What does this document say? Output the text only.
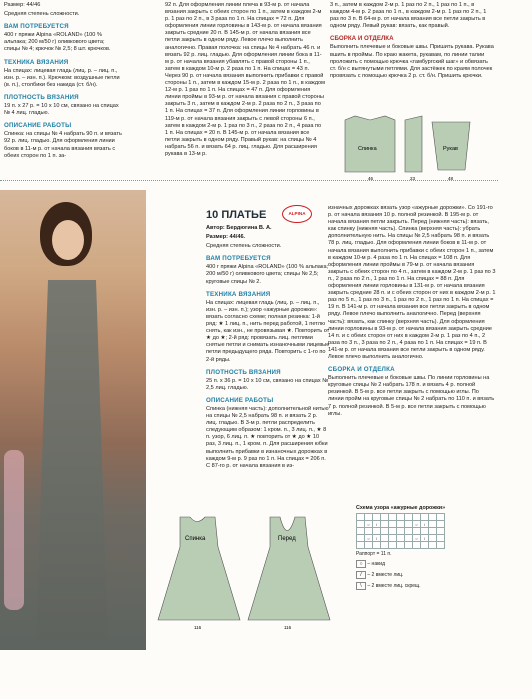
Размер: 44/46

Средняя степень сложности.

ВАМ ПОТРЕБУЕТСЯ

400 г пряжи Alpina «ROLAND» (100 % альпака; 200 м/50 г) оливкового цвета; спицы № 4; крючок № 2,5; 8 шт. крючков.

ТЕХНИКА ВЯЗАНИЯ

На спицах: лицевая гладь (лиц. р. – лиц. п., изн. р. – изн. п.). Крючком: воздушные петли (в. п.), столбики без накида (ст. б/н).

ПЛОТНОСТЬ ВЯЗАНИЯ

19 п. х 27 р. = 10 х 10 см, связано на спицах № 4 лиц. гладью.

ОПИСАНИЕ РАБОТЫ

Спинка: на спицы № 4 набрать 90 п. и вязать 92 р. лиц. гладью. Для оформления линии боков в 11-м р. от начала вязания вязать с обеих сторон по 1 п. за-

92 п. Для оформления линии плеча в 93-м р. от начала вязания закрыть с обеих сторон по 1 п., затем в каждом 2-м р. 1 раз по 2 п., в 3 раза по 1 п. На спицах = 72 п. Для оформления линии горловины в 143-м р. от начала вязания закрыть средние 20 п. В 145-м р. от начала вязания все петли закрыть в одном ряду. Левое плечо выполнить аналогично. Правая полочка: на спицы № 4 набрать 46 п. и вязать 92 р. лиц. гладью. Для оформления линии бока в 11-м р. от начала вязания убавлять с правой стороны 1 п., затем в каждом 10-м р. 2 раза по 1 п. На спицах = 43 п. Через 90 р. от начала вязания выполнить прибавки с правой стороны 1 п., затем в каждом 15-м р. 2 раза по 1 п., в каждом 12-м р. 1 раз по 1 п. На спицах = 47 п. Для оформления линии проймы в 93-м р. от начала вязания с правой стороны закрыть 3 п., затем в каждом 2-м р. 2 раза по 2 п., 3 раза по 1 п. На спицах = 37 п. Для оформления линии горловины в 119-м р. от начала вязания закрыть с левой стороны 6 п., затем в каждом 2-м р. 1 раз по 3 п., 2 раза по 2 п., 4 раза по 1 п. На спицах = 20 п. В 145-м р. от начала вязания все петли закрыть в одном ряду. Правый рукав: на спицы № 4 набрать 56 п. и вязать 64 р. лиц. гладью. Для расширения рукава в 13-м р.

3 п., затем в каждом 2-м р. 1 раз по 2 п., 1 раз по 1 п., в каждом 4-м р. 2 раза по 1 п., в каждом 2-м р. 1 раз по 2 п., 1 раз по 3 п. В 64-м р. от начала вязания все петли закрыть в одном ряду. Левый рукав: вязать, как правый.

СБОРКА И ОТДЕЛКА

Выполнить плечевые и боковые швы. Пришить рукава. Рукава вшить в проймы. По краю жакета, рукавам, по линии талии проложить с помощью крючка «гамбургский шаг» и обвязать ст. б/н с вытянутыми петлями. Для застёжек по краям полочек провязать с помощью крючка 2 р. ст. б/н. Пришить крючки.

Спинка	Рукав
46	23	48
10 ПЛАТЬЕ	ALPINA

Автор: Бердюгина В. А.

Размер: 44/46.

Средняя степень сложности.

ВАМ ПОТРЕБУЕТСЯ

400 г пряжи Alpina «ROLAND» (100 % альпака; 200 м/50 г) оливкового цвета; спицы № 2,5; круговые спицы № 2.

ТЕХНИКА ВЯЗАНИЯ

На спицах: лицевая гладь (лиц. р. – лиц. п., изн. р. – изн. п.); узор «ажурные дорожки»: вязать согласно схеме; полная резинка: 1-й ряд: ★ 1 лиц. п., нить перед работой, 1 петлю снять, как изн., не провязывая ★. Повторить от ★ до ★; 2-й ряд: провязать лиц. петлями снятые петли и снимать изнаночными лицевые петли предыдущего ряда. Повторить с 1-го по 2-й ряды.

ПЛОТНОСТЬ ВЯЗАНИЯ

25 п. х 36 р. = 10 х 10 см, связано на спицах № 2,5 лиц. гладью.

ОПИСАНИЕ РАБОТЫ

Спинка (нижняя часть): дополнительной нитью на спицы № 2,5 набрать 98 п. и вязать 2 р. лиц. гладью. В 3-м р. петли распределить следующим образом: 1 кром. п., 3 лиц. п., ★ 8 п. узор, 6 лиц. п. ★ повторить от ★ до ★ 10 раз, 3 лиц. п., 1 кром. п. Для расширения юбки выполнить прибавки в изнаночных дорожках в каждом 9-м р. 9 раз по 1 п. На спицах = 206 п. С 87-го р. от начала вязания в из-

изначных дорожках вязать узор «ажурные дорожки». Со 191-го р. от начала вязания 10 р. полной резинкой. В 195-м р. от начала вязания петли закрыть. Перед (нижняя часть): вязать, как спинку (нижняя часть). Спинка (верхняя часть): убрать дополнительную нить. На спицы № 2,5 набрать 98 п. и вязать 78 р. лиц. гладью. Для оформления линии боков в 11-м р. от начала вязания выполнить прибавки с обеих сторон 1 п., затем в каждом 10-м р. 4 раза по 1 п. На спицах = 108 п. Для оформления линии проймы в 79-м р. от начала вязания закрыть с обеих сторон по 4 п., затем в каждом 2-м р. 1 раз по 3 п., 2 раза по 2 п., 1 раз по 1 п. На спицах = 88 п. Для оформления линии горловины в 131-м р. от начала вязания закрыть средние 28 п. и с обеих сторон от них в каждом 2-м р. 1 раз по 5 п., 1 раз по 3 п., 1 раз по 2 п., 1 раз по 1 п. На спицах = 19 п. В 141-м р. от начала вязания все петли закрыть в одном ряду. Левое плечо выполнить аналогично. Перед (верхняя часть): вязать, как спинку (верхняя часть). Для оформления линии горловины в 93-м р. от начала вязания закрыть средние 14 п. и с обеих сторон от них в каждом 2-м р. 1 раз по 4 п., 2 раза по 3 п., 3 раза по 2 п., 4 раза по 1 п. На спицах = 19 п. В 141-м р. от начала вязания все петли закрыть в одном ряду. Левое плечо выполнить аналогично.

СБОРКА И ОТДЕЛКА

Выполнить плечевые и боковые швы. По линии горловины на круговые спицы № 2 набрать 178 п. и вязать 4 р. полной резинкой. В 5-м р. все петли закрыть с помощью иглы. По линии пройм на круговые спицы № 2 набрать по 110 п. и вязать 7 р. полной резинкой. В 5-м р. все петли закрыть с помощью иглы.

Спинка	Перед
116	116
Схема узора «ажурные дорожки»

	○	/					○	/		

	○	/					○	/		

Раппорт = 11 п.
○ – накид
/ – 2 вместе лиц.
\ – 2 вместе лиц. скрещ.
